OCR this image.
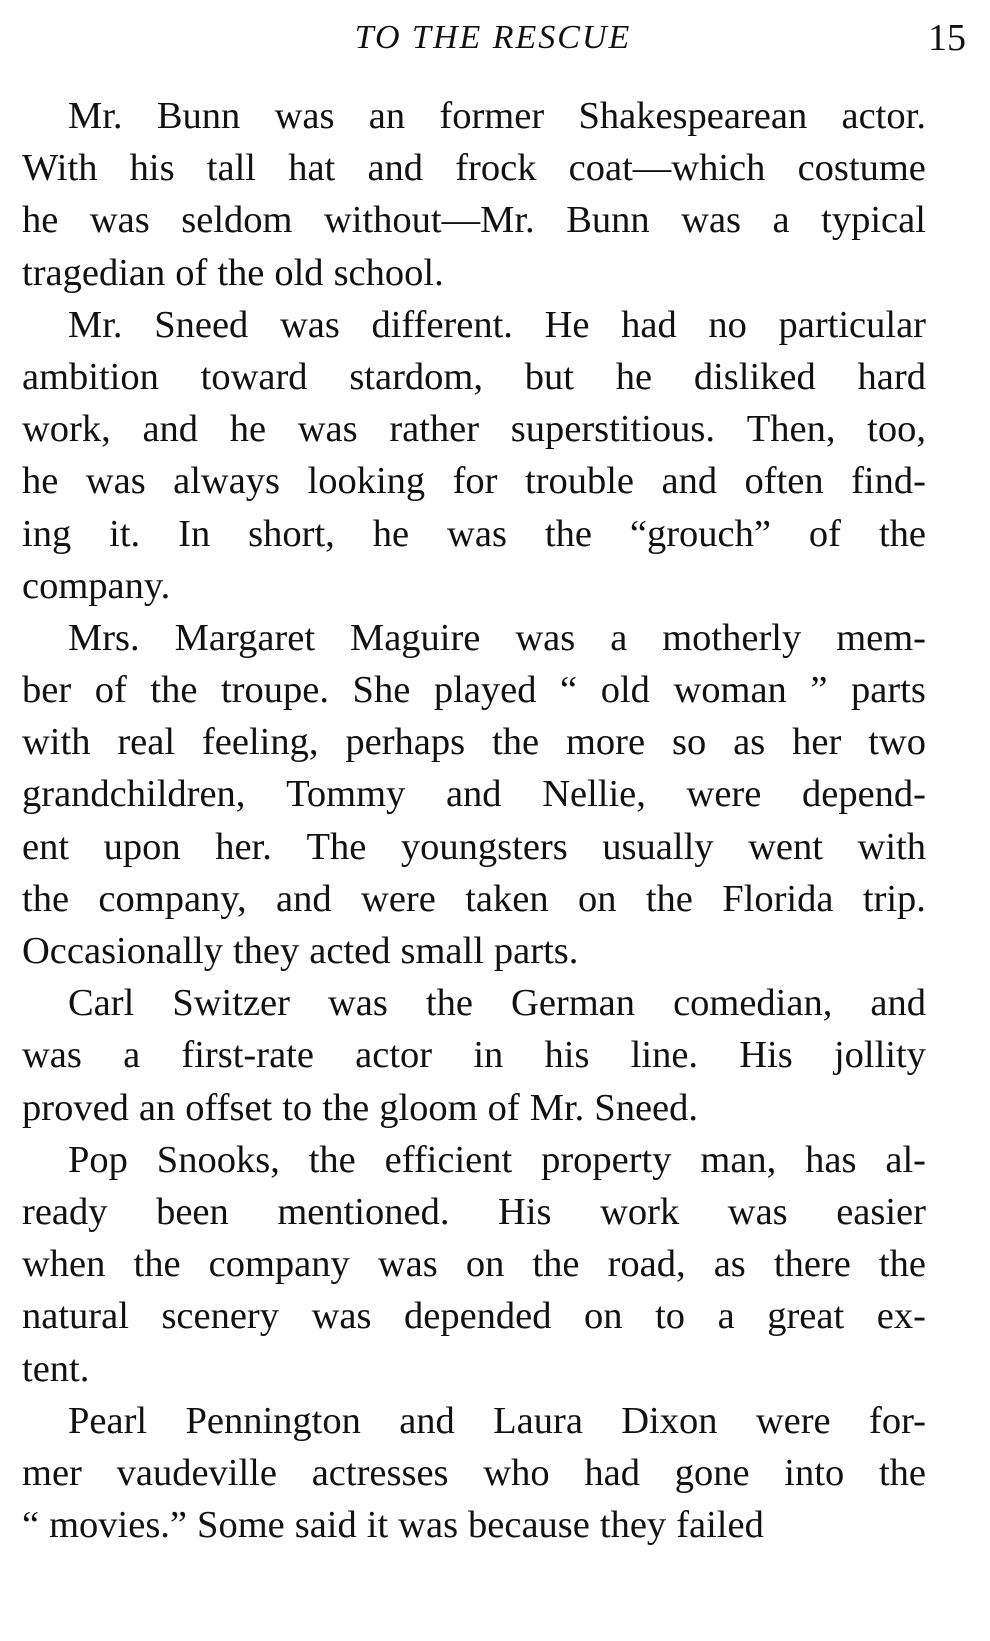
TO THE RESCUE	15
Mr. Bunn was an former Shakespearean actor.
With his tall hat and frock coat—which costume
he was seldom without—Mr. Bunn was a typical
tragedian of the old school.
Mr. Sneed was different. He had no particular
ambition toward stardom, but he disliked hard
work, and he was rather superstitious. Then, too,
he was always looking for trouble and often find-
ing it. In short, he was the “grouch” of the
company.
Mrs. Margaret Maguire was a motherly mem-
ber of the troupe. She played “ old woman ” parts
with real feeling, perhaps the more so as her two
grandchildren, Tommy and Nellie, were depend-
ent upon her. The youngsters usually went with
the company, and were taken on the Florida trip.
Occasionally they acted small parts.
Carl Switzer was the German comedian, and
was a first-rate actor in his line. His jollity
proved an offset to the gloom of Mr. Sneed.
Pop Snooks, the efficient property man, has al-
ready been mentioned. His work was easier
when the company was on the road, as there the
natural scenery was depended on to a great ex-
tent.
Pearl Pennington and Laura Dixon were for-
mer vaudeville actresses who had gone into the
“ movies.” Some said it was because they failed
